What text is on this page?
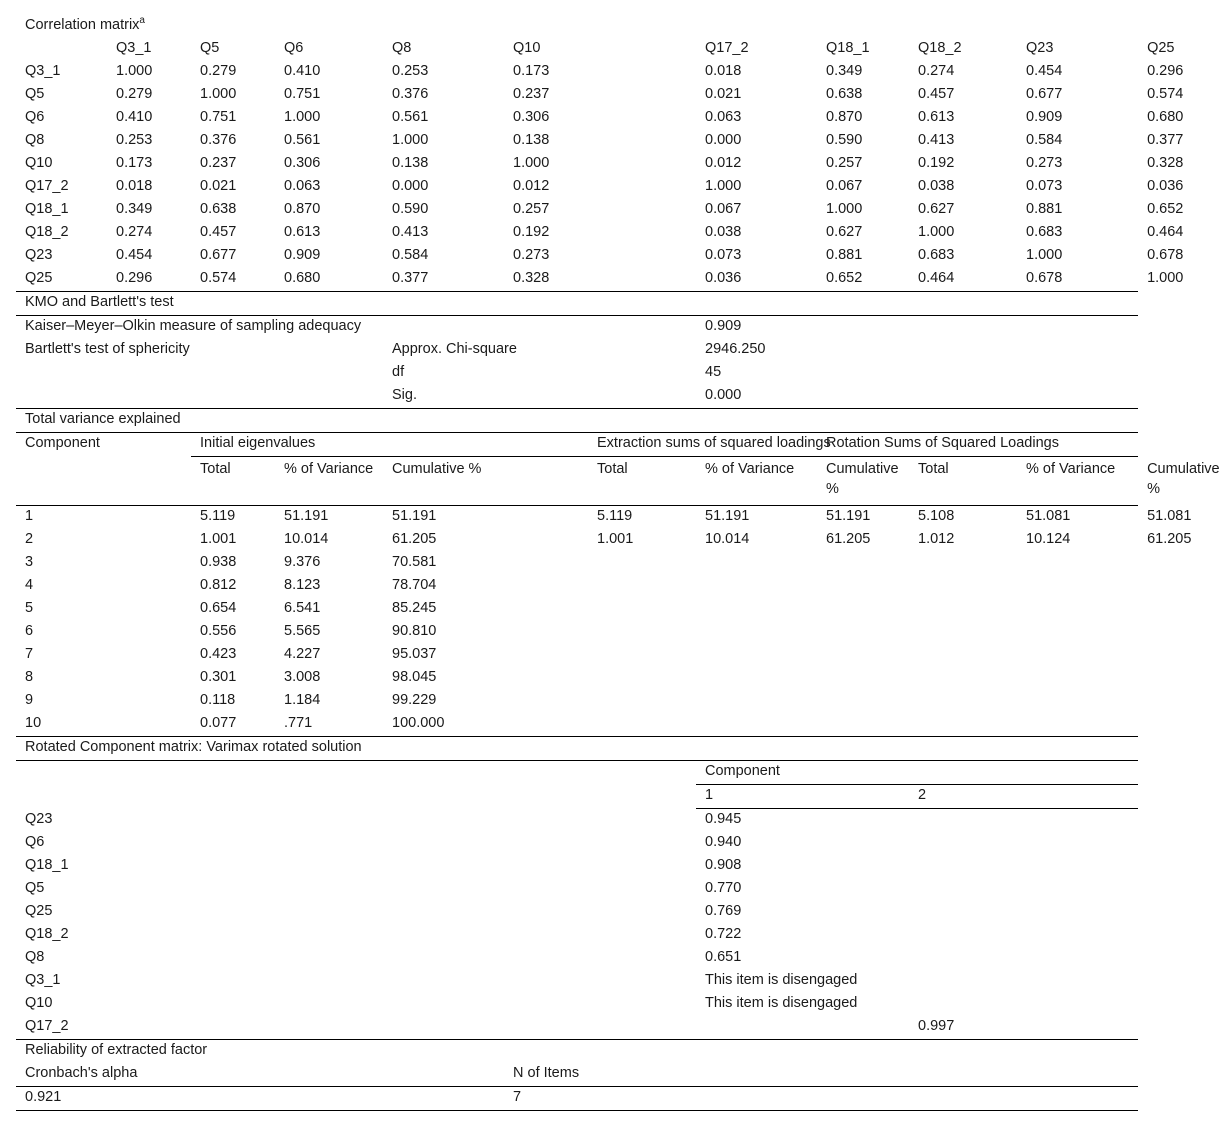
Correlation matrix$^a$
	Q3_1	Q5	Q6	Q8	Q10		Q17_2	Q18_1	Q18_2	Q23	Q25
Q3_1	1.000	0.279	0.410	0.253	0.173		0.018	0.349	0.274	0.454	0.296
Q5	0.279	1.000	0.751	0.376	0.237		0.021	0.638	0.457	0.677	0.574
Q6	0.410	0.751	1.000	0.561	0.306		0.063	0.870	0.613	0.909	0.680
Q8	0.253	0.376	0.561	1.000	0.138		0.000	0.590	0.413	0.584	0.377
Q10	0.173	0.237	0.306	0.138	1.000		0.012	0.257	0.192	0.273	0.328
Q17_2	0.018	0.021	0.063	0.000	0.012		1.000	0.067	0.038	0.073	0.036
Q18_1	0.349	0.638	0.870	0.590	0.257		0.067	1.000	0.627	0.881	0.652
Q18_2	0.274	0.457	0.613	0.413	0.192		0.038	0.627	1.000	0.683	0.464
Q23	0.454	0.677	0.909	0.584	0.273		0.073	0.881	0.683	1.000	0.678
Q25	0.296	0.574	0.680	0.377	0.328		0.036	0.652	0.464	0.678	1.000
KMO and Bartlett's test											
Kaiser–Meyer–Olkin measure of sampling adequacy							0.909				
Bartlett's test of sphericity				Approx. Chi-square			2946.250				
				df			45				
				Sig.			0.000				
Total variance explained											
Component		Initial eigenvalues				Extraction sums of squared loadings		Rotation Sums of Squared Loadings			
		Total	% of Variance	Cumulative %		Total	% of Variance	Cumulative %	Total	% of Variance	Cumulative %
1		5.119	51.191	51.191		5.119	51.191	51.191	5.108	51.081	51.081
2		1.001	10.014	61.205		1.001	10.014	61.205	1.012	10.124	61.205
3		0.938	9.376	70.581							
4		0.812	8.123	78.704							
5		0.654	6.541	85.245							
6		0.556	5.565	90.810							
7		0.423	4.227	95.037							
8		0.301	3.008	98.045							
9		0.118	1.184	99.229							
10		0.077	.771	100.000							
Rotated Component matrix: Varimax rotated solution											
							Component				
							1		2		
Q23							0.945				
Q6							0.940				
Q18_1							0.908				
Q5							0.770				
Q25							0.769				
Q18_2							0.722				
Q8							0.651				
Q3_1							This item is disengaged				
Q10							This item is disengaged				
Q17_2									0.997		
Reliability of extracted factor											
Cronbach's alpha					N of Items						
0.921					7						
